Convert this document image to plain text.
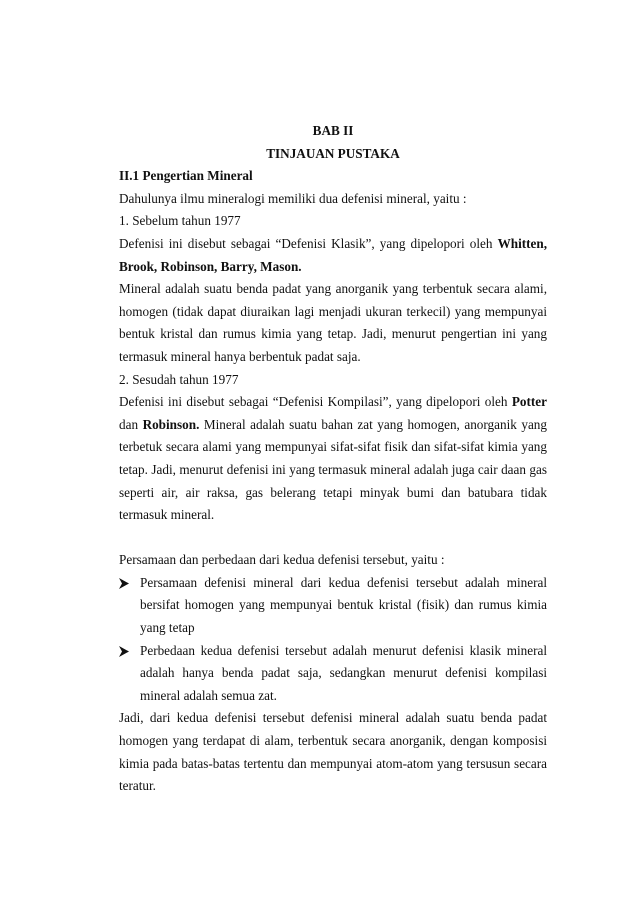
BAB II
TINJAUAN PUSTAKA
II.1 Pengertian Mineral
Dahulunya ilmu mineralogi memiliki dua defenisi mineral, yaitu :
1. Sebelum tahun 1977

Defenisi ini disebut sebagai “Defenisi Klasik”, yang dipelopori oleh Whitten, Brook, Robinson, Barry, Mason.

Mineral adalah suatu benda padat yang anorganik yang terbentuk secara alami, homogen (tidak dapat diuraikan lagi menjadi ukuran terkecil) yang mempunyai bentuk kristal dan rumus kimia yang tetap. Jadi, menurut pengertian ini yang termasuk mineral hanya berbentuk padat saja.

2. Sesudah tahun 1977

Defenisi ini disebut sebagai “Defenisi Kompilasi”, yang dipelopori oleh Potter dan Robinson. Mineral adalah suatu bahan zat yang homogen, anorganik yang terbetuk secara alami yang mempunyai sifat-sifat fisik dan sifat-sifat kimia yang tetap. Jadi, menurut defenisi ini yang termasuk mineral adalah juga cair daan gas seperti air, air raksa, gas belerang tetapi minyak bumi dan batubara tidak termasuk mineral.

Persamaan dan perbedaan dari kedua defenisi tersebut, yaitu :
Persamaan defenisi mineral dari kedua defenisi tersebut adalah mineral bersifat homogen yang mempunyai bentuk kristal (fisik) dan rumus kimia yang tetap
Perbedaan kedua defenisi tersebut adalah menurut defenisi klasik mineral adalah hanya benda padat saja, sedangkan menurut defenisi kompilasi mineral adalah semua zat.

Jadi, dari kedua defenisi tersebut defenisi mineral adalah suatu benda padat homogen yang terdapat di alam, terbentuk secara anorganik, dengan komposisi kimia pada batas-batas tertentu dan mempunyai atom-atom yang tersusun secara teratur.
